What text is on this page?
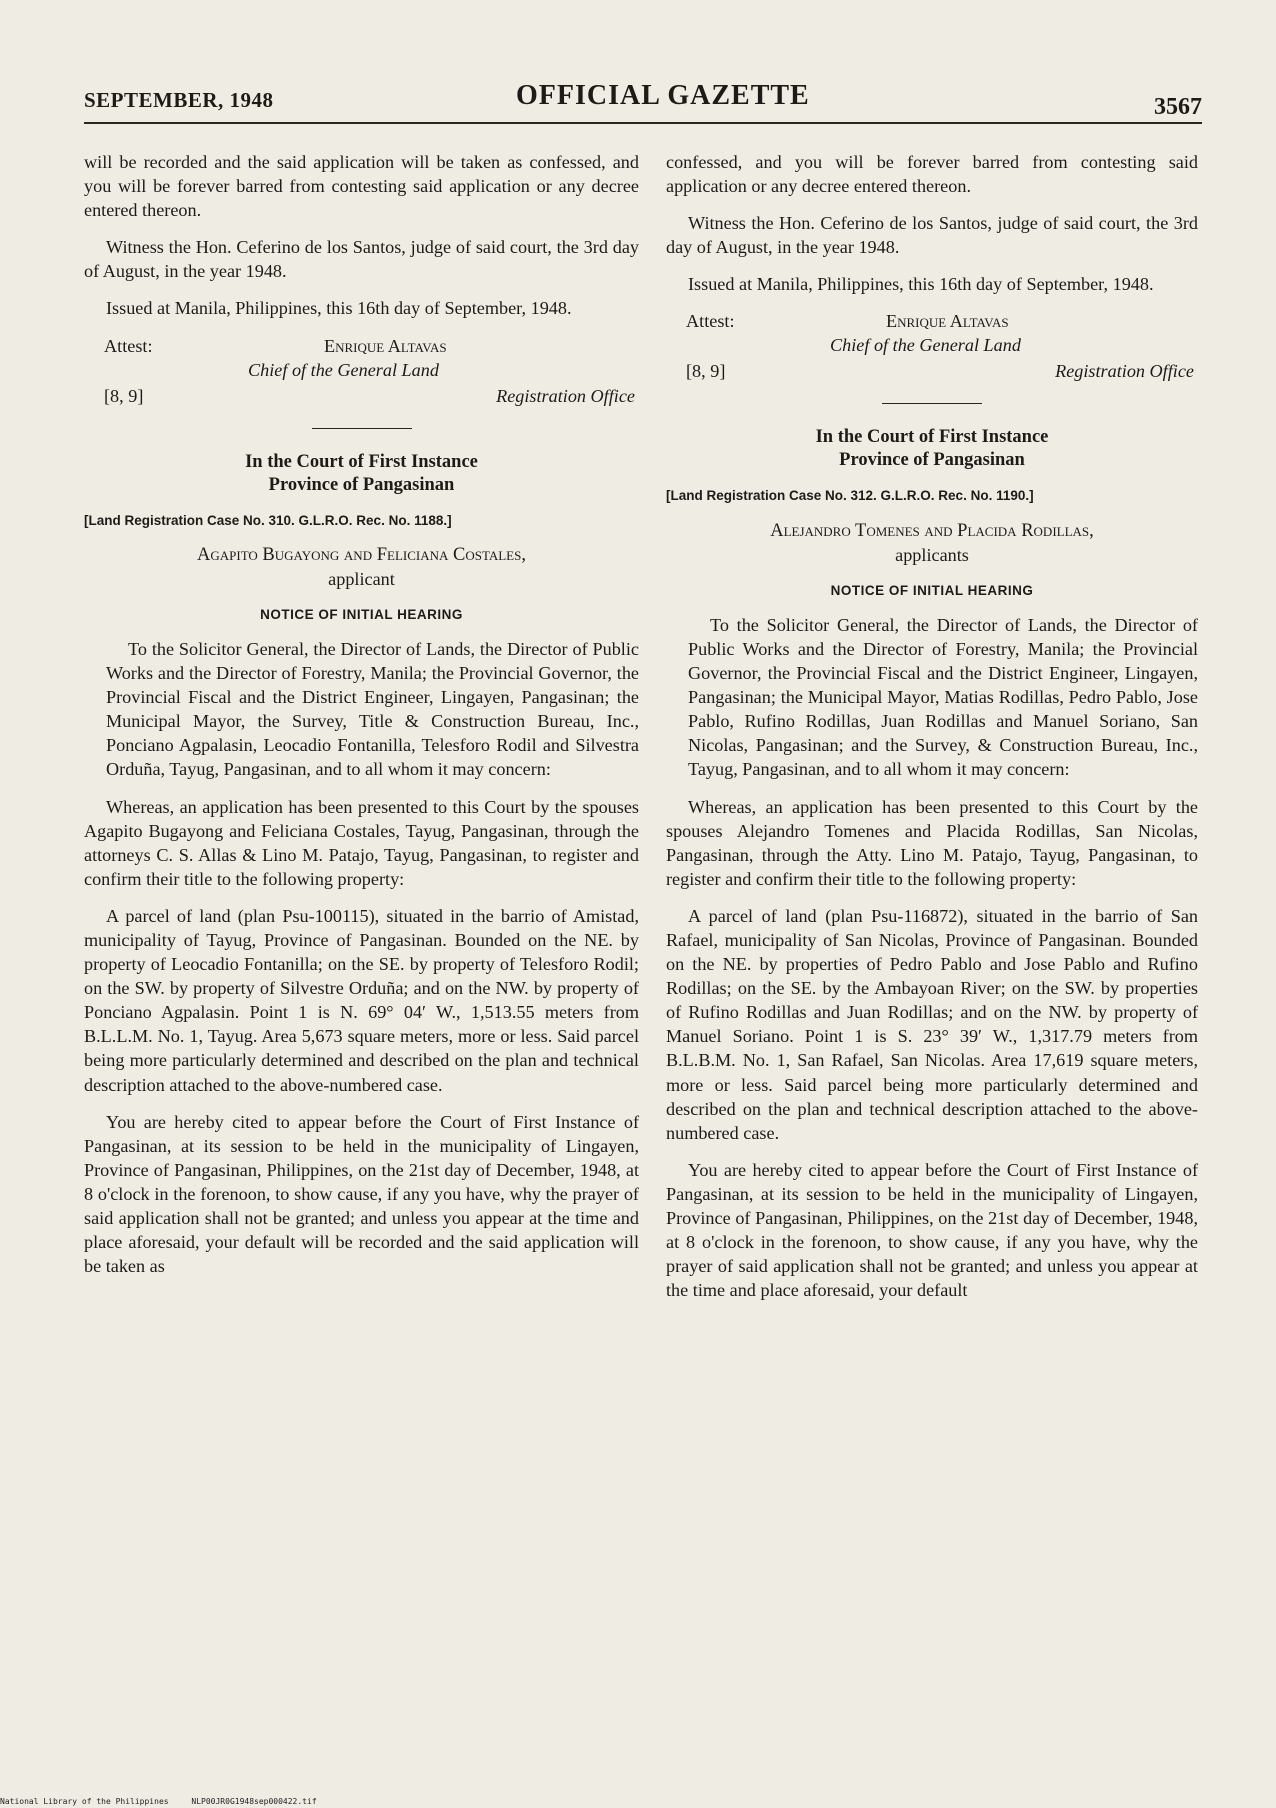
SEPTEMBER, 1948	OFFICIAL GAZETTE	3567

will be recorded and the said application will be taken as confessed, and you will be forever barred from contesting said application or any decree entered thereon.

Witness the Hon. Ceferino de los Santos, judge of said court, the 3rd day of August, in the year 1948.

Issued at Manila, Philippines, this 16th day of September, 1948.

Attest:	Enrique Altavas
Chief of the General Land
[8, 9]	Registration Office
In the Court of First Instance
Province of Pangasinan
[Land Registration Case No. 310. G.L.R.O. Rec. No. 1188.]
Agapito Bugayong and Feliciana Costales,
applicant
NOTICE OF INITIAL HEARING

To the Solicitor General, the Director of Lands, the Director of Public Works and the Director of Forestry, Manila; the Provincial Governor, the Provincial Fiscal and the District Engineer, Lingayen, Pangasinan; the Municipal Mayor, the Survey, Title & Construction Bureau, Inc., Ponciano Agpalasin, Leocadio Fontanilla, Telesforo Rodil and Silvestra Orduña, Tayug, Pangasinan, and to all whom it may concern:

Whereas, an application has been presented to this Court by the spouses Agapito Bugayong and Feliciana Costales, Tayug, Pangasinan, through the attorneys C. S. Allas & Lino M. Patajo, Tayug, Pangasinan, to register and confirm their title to the following property:

A parcel of land (plan Psu-100115), situated in the barrio of Amistad, municipality of Tayug, Province of Pangasinan. Bounded on the NE. by property of Leocadio Fontanilla; on the SE. by property of Telesforo Rodil; on the SW. by property of Silvestre Orduña; and on the NW. by property of Ponciano Agpalasin. Point 1 is N. 69° 04′ W., 1,513.55 meters from B.L.L.M. No. 1, Tayug. Area 5,673 square meters, more or less. Said parcel being more particularly determined and described on the plan and technical description attached to the above-numbered case.

You are hereby cited to appear before the Court of First Instance of Pangasinan, at its session to be held in the municipality of Lingayen, Province of Pangasinan, Philippines, on the 21st day of December, 1948, at 8 o'clock in the forenoon, to show cause, if any you have, why the prayer of said application shall not be granted; and unless you appear at the time and place aforesaid, your default will be recorded and the said application will be taken as

confessed, and you will be forever barred from contesting said application or any decree entered thereon.

Witness the Hon. Ceferino de los Santos, judge of said court, the 3rd day of August, in the year 1948.

Issued at Manila, Philippines, this 16th day of September, 1948.

Attest:	Enrique Altavas
Chief of the General Land
[8, 9]	Registration Office
In the Court of First Instance
Province of Pangasinan
[Land Registration Case No. 312. G.L.R.O. Rec. No. 1190.]
Alejandro Tomenes and Placida Rodillas,
applicants
NOTICE OF INITIAL HEARING

To the Solicitor General, the Director of Lands, the Director of Public Works and the Director of Forestry, Manila; the Provincial Governor, the Provincial Fiscal and the District Engineer, Lingayen, Pangasinan; the Municipal Mayor, Matias Rodillas, Pedro Pablo, Jose Pablo, Rufino Rodillas, Juan Rodillas and Manuel Soriano, San Nicolas, Pangasinan; and the Survey, & Construction Bureau, Inc., Tayug, Pangasinan, and to all whom it may concern:

Whereas, an application has been presented to this Court by the spouses Alejandro Tomenes and Placida Rodillas, San Nicolas, Pangasinan, through the Atty. Lino M. Patajo, Tayug, Pangasinan, to register and confirm their title to the following property:

A parcel of land (plan Psu-116872), situated in the barrio of San Rafael, municipality of San Nicolas, Province of Pangasinan. Bounded on the NE. by properties of Pedro Pablo and Jose Pablo and Rufino Rodillas; on the SE. by the Ambayoan River; on the SW. by properties of Rufino Rodillas and Juan Rodillas; and on the NW. by property of Manuel Soriano. Point 1 is S. 23° 39′ W., 1,317.79 meters from B.L.B.M. No. 1, San Rafael, San Nicolas. Area 17,619 square meters, more or less. Said parcel being more particularly determined and described on the plan and technical description attached to the above-numbered case.

You are hereby cited to appear before the Court of First Instance of Pangasinan, at its session to be held in the municipality of Lingayen, Province of Pangasinan, Philippines, on the 21st day of December, 1948, at 8 o'clock in the forenoon, to show cause, if any you have, why the prayer of said application shall not be granted; and unless you appear at the time and place aforesaid, your default

National Library of the Philippines	NLP00JR0G1948sep000422.tif
